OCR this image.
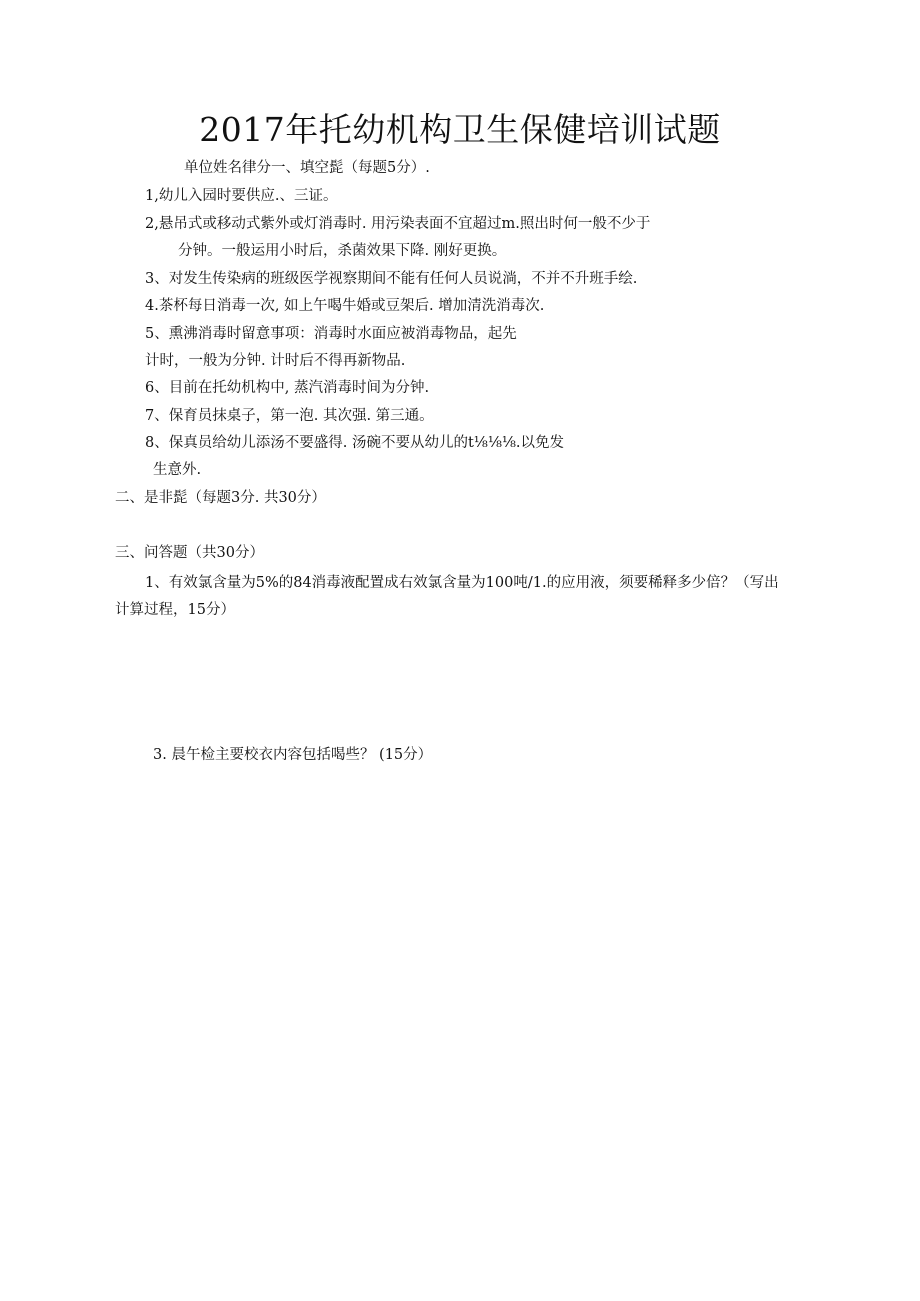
2017年托幼机构卫生保健培训试题
单位姓名律分一、填空髭（每题5分）.
1,幼儿入园时要供应.、三证。
2,悬吊式或移动式紫外或灯消毒时. 用污染表面不宜超过m.照出时何一般不少于
分钟。一般运用小时后，杀菌效果下降. 刚好更换。
3、对发生传染病的班级医学视察期间不能有任何人员说淌，不并不升班手绘.
4.茶杯每日消毒一次, 如上午喝牛婚或豆架后. 增加清洗消毒次.
5、熏沸消毒时留意事项：消毒时水面应被消毒物品，起先
计时，一般为分钟. 计时后不得再新物品.
6、目前在托幼机构中, 蒸汽消毒时间为分钟.
7、保育员抹桌子，第一泡. 其次强. 第三通。
8、保真员给幼儿添汤不要盛得. 汤碗不要从幼儿的t⅛⅛⅛.以免发
生意外.
二、是非髭（每题3分. 共30分）
三、问答题（共30分）
1、有效氯含量为5%的84消毒液配置成右效氯含量为100吨/1.的应用液，须要稀释多少倍？（写出
计算过程，15分）
3. 晨午检主要校衣内容包括喝些？ (15分）
